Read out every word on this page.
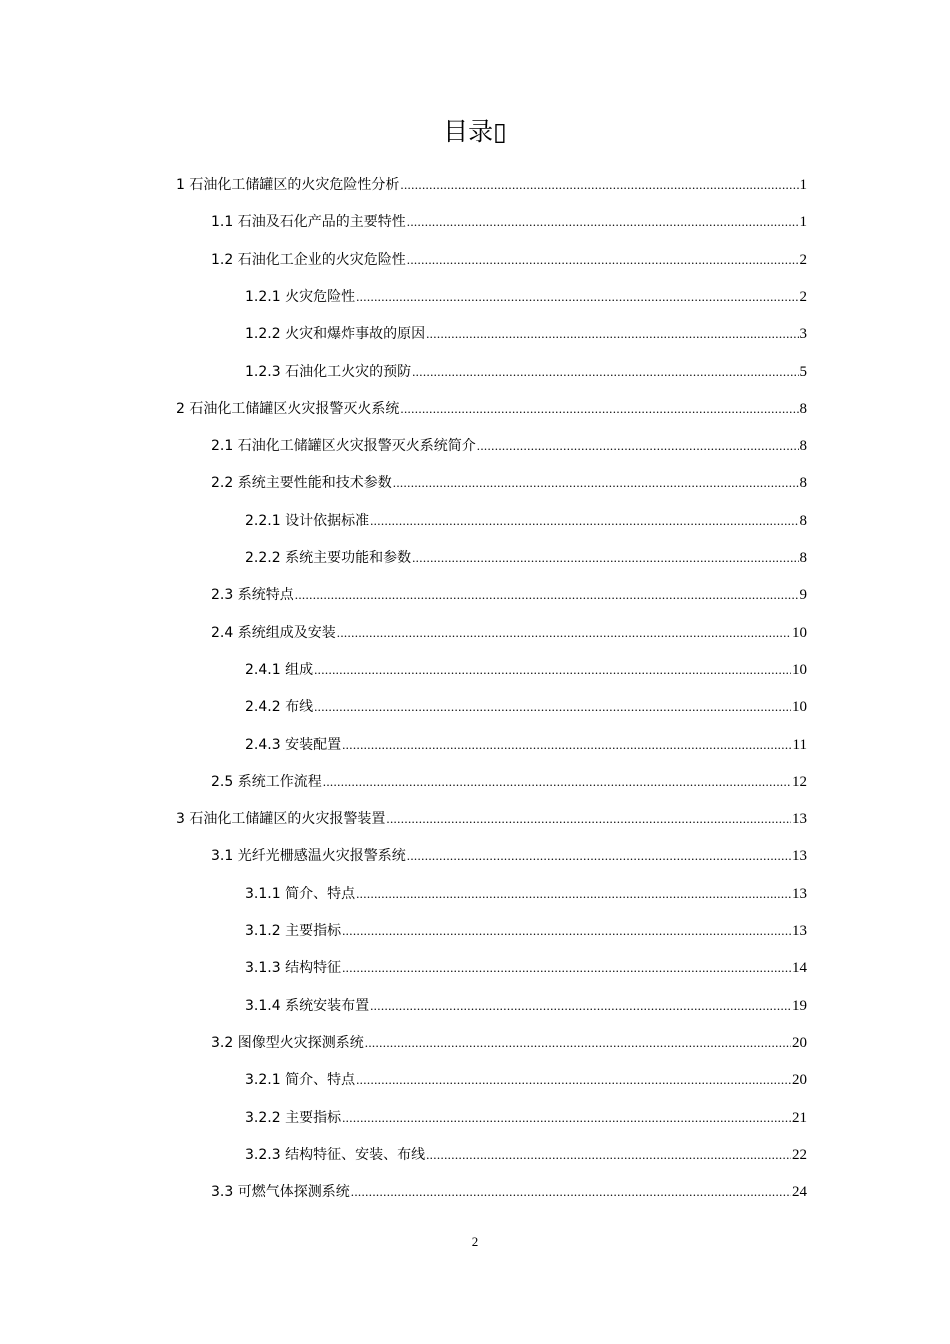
目录▯
1 石油化工储罐区的火灾危险性分析 .....	1
1.1 石油及石化产品的主要特性 .....	1
1.2 石油化工企业的火灾危险性 .....	2
1.2.1 火灾危险性 .....	2
1.2.2 火灾和爆炸事故的原因 .....	3
1.2.3 石油化工火灾的预防 .....	5
2 石油化工储罐区火灾报警灭火系统 .....	8
2.1 石油化工储罐区火灾报警灭火系统简介 .....	8
2.2 系统主要性能和技术参数 .....	8
2.2.1 设计依据标准 .....	8
2.2.2 系统主要功能和参数 .....	8
2.3 系统特点 .....	9
2.4 系统组成及安装 .....	10
2.4.1 组成 .....	10
2.4.2 布线 .....	10
2.4.3 安装配置 .....	11
2.5 系统工作流程 .....	12
3 石油化工储罐区的火灾报警装置 .....	13
3.1 光纤光栅感温火灾报警系统 .....	13
3.1.1 简介、特点 .....	13
3.1.2 主要指标 .....	13
3.1.3 结构特征 .....	14
3.1.4 系统安装布置 .....	19
3.2 图像型火灾探测系统 .....	20
3.2.1 简介、特点 .....	20
3.2.2 主要指标 .....	21
3.2.3 结构特征、安装、布线 .....	22
3.3 可燃气体探测系统 .....	24
2
